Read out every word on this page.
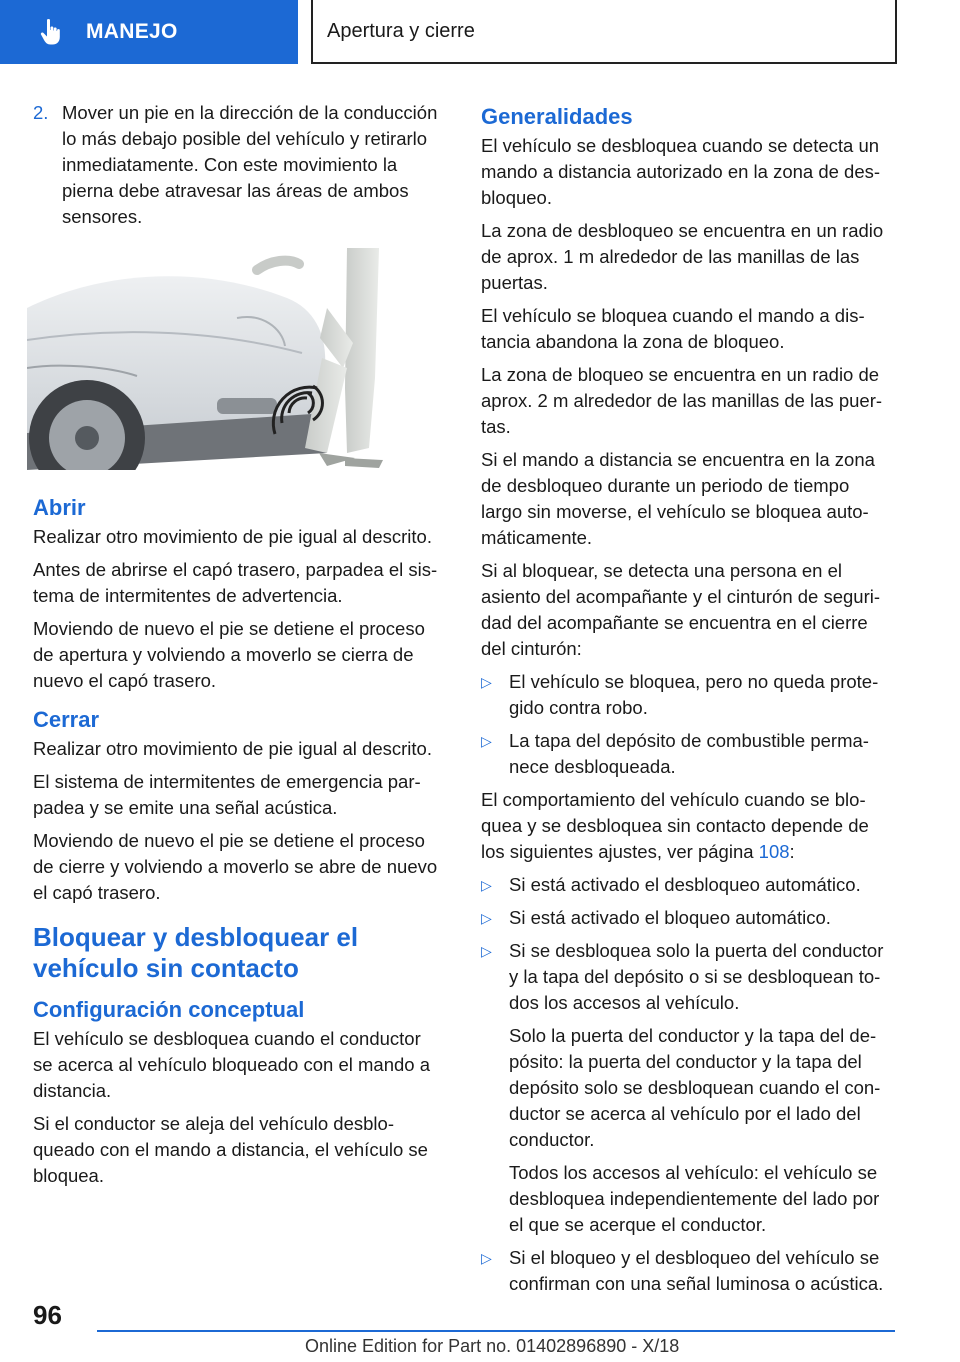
MANEJO	Apertura y cierre
2. Mover un pie en la dirección de la conducción lo más debajo posible del vehículo y retirarlo inmediatamente. Con este movimiento la pierna debe atravesar las áreas de ambos sensores.
Abrir

Realizar otro movimiento de pie igual al descrito.

Antes de abrirse el capó trasero, parpadea el sistema de intermitentes de advertencia.

Moviendo de nuevo el pie se detiene el proceso de apertura y volviendo a moverlo se cierra de nuevo el capó trasero.

Cerrar

Realizar otro movimiento de pie igual al descrito.

El sistema de intermitentes de emergencia parpadea y se emite una señal acústica.

Moviendo de nuevo el pie se detiene el proceso de cierre y volviendo a moverlo se abre de nuevo el capó trasero.

Bloquear y desbloquear el vehículo sin contacto
Configuración conceptual

El vehículo se desbloquea cuando el conductor se acerca al vehículo bloqueado con el mando a distancia.

Si el conductor se aleja del vehículo desbloqueado con el mando a distancia, el vehículo se bloquea.

Generalidades

El vehículo se desbloquea cuando se detecta un mando a distancia autorizado en la zona de desbloqueo.

La zona de desbloqueo se encuentra en un radio de aprox. 1 m alrededor de las manillas de las puertas.

El vehículo se bloquea cuando el mando a distancia abandona la zona de bloqueo.

La zona de bloqueo se encuentra en un radio de aprox. 2 m alrededor de las manillas de las puertas.

Si el mando a distancia se encuentra en la zona de desbloqueo durante un periodo de tiempo largo sin moverse, el vehículo se bloquea automáticamente.

Si al bloquear, se detecta una persona en el asiento del acompañante y el cinturón de seguridad del acompañante se encuentra en el cierre del cinturón:

▷ El vehículo se bloquea, pero no queda protegido contra robo.
▷ La tapa del depósito de combustible permanece desbloqueada.

El comportamiento del vehículo cuando se bloquea y se desbloquea sin contacto depende de los siguientes ajustes, ver página 108:

▷ Si está activado el desbloqueo automático.
▷ Si está activado el bloqueo automático.
▷ Si se desbloquea solo la puerta del conductor y la tapa del depósito o si se desbloquean todos los accesos al vehículo.
Solo la puerta del conductor y la tapa del depósito: la puerta del conductor y la tapa del depósito solo se desbloquean cuando el conductor se acerca al vehículo por el lado del conductor.
Todos los accesos al vehículo: el vehículo se desbloquea independientemente del lado por el que se acerque el conductor.
▷ Si el bloqueo y el desbloqueo del vehículo se confirman con una señal luminosa o acústica.
96
Online Edition for Part no. 01402896890 - X/18
